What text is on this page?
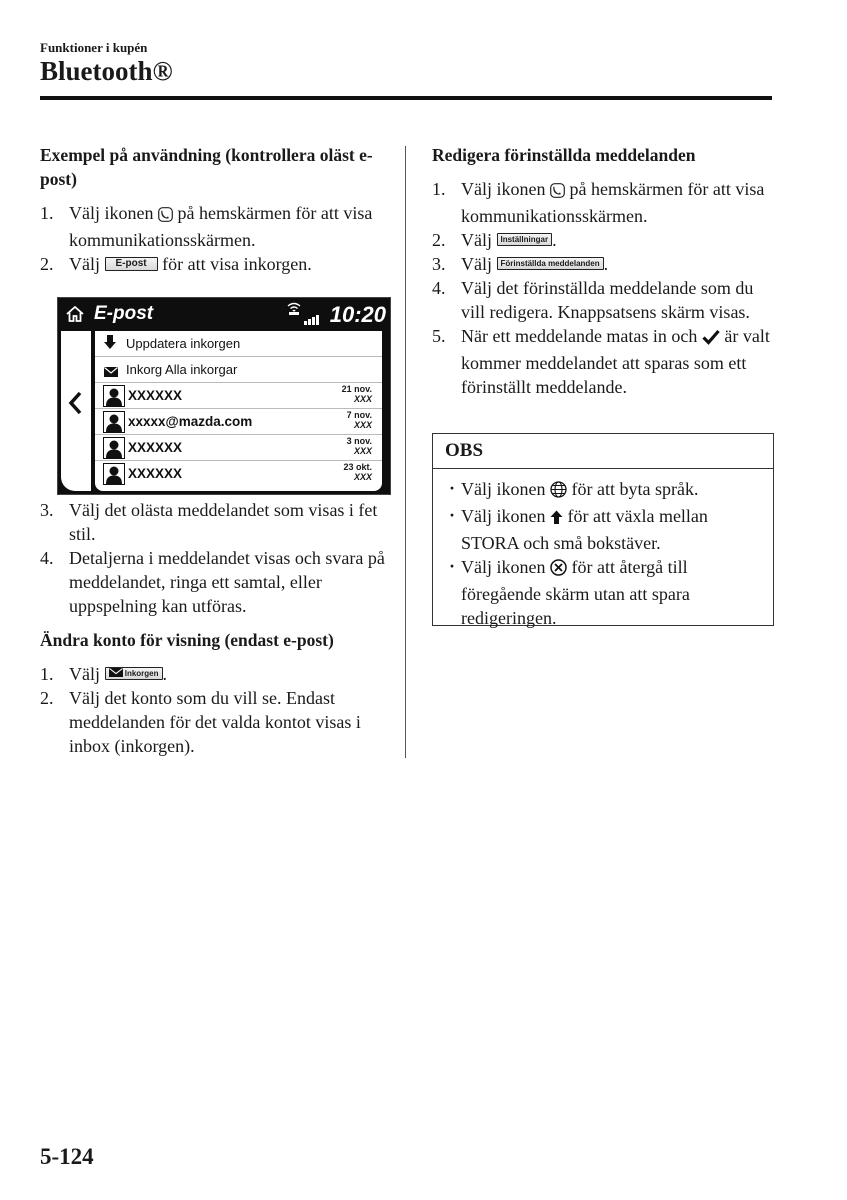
Funktioner i kupén
Bluetooth®
Exempel på användning (kontrollera oläst e-post)
1. Välj ikonen på hemskärmen för att visa kommunikationsskärmen.
2. Välj E-post för att visa inkorgen.
E-post	10:20
Uppdatera inkorgen
Inkorg Alla inkorgar
XXXXXX	21 nov.
XXX
xxxxx@mazda.com	7 nov.
XXX
XXXXXX	3 nov.
XXX
XXXXXX	23 okt.
XXX
3. Välj det olästa meddelandet som visas i fet stil.
4. Detaljerna i meddelandet visas och svara på meddelandet, ringa ett samtal, eller uppspelning kan utföras.
Ändra konto för visning (endast e-post)
1. Välj	Inkorgen .
2. Välj det konto som du vill se. Endast meddelanden för det valda kontot visas i inbox (inkorgen).
Redigera förinställda meddelanden
1. Välj ikonen på hemskärmen för att visa kommunikationsskärmen.
2. Välj Inställningar .
3. Välj Förinställda meddelanden .
4. Välj det förinställda meddelande som du vill redigera. Knappsatsens skärm visas.
5. När ett meddelande matas in och är valt kommer meddelandet att sparas som ett förinställt meddelande.
OBS
· Välj ikonen för att byta språk.
· Välj ikonen för att växla mellan STORA och små bokstäver.
· Välj ikonen för att återgå till föregående skärm utan att spara redigeringen.
5-124
